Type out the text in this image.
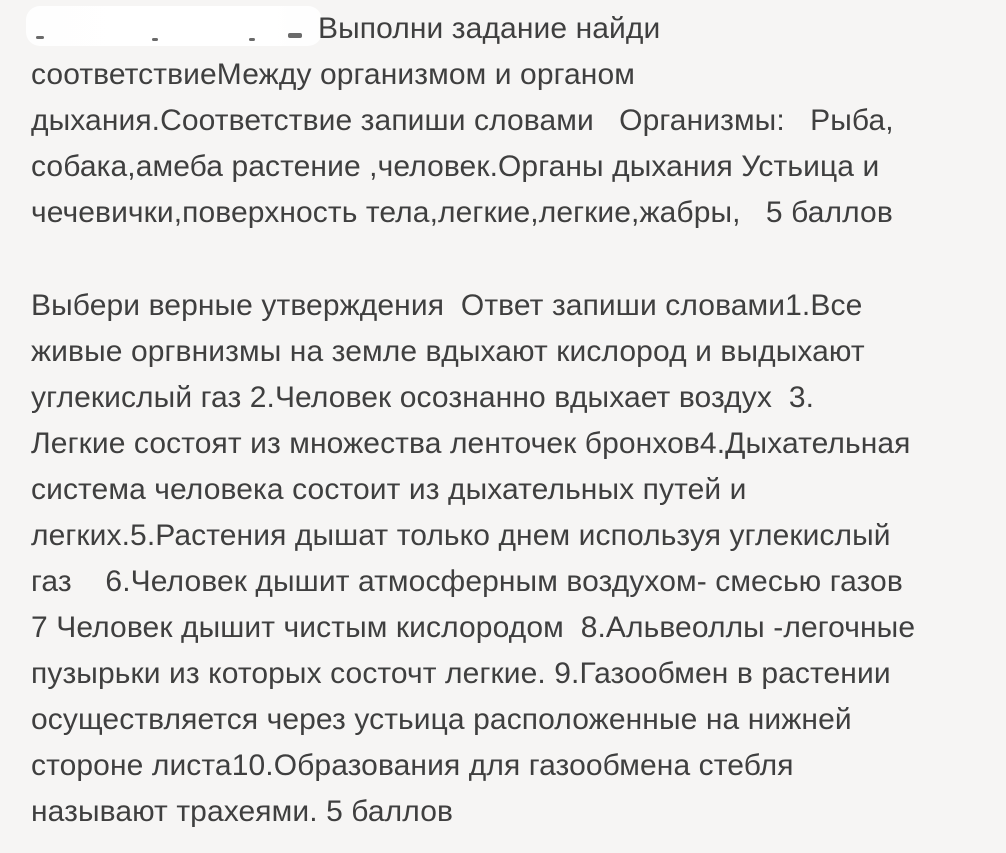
Выполни задание найди
соответствиеМежду организмом и органом
дыхания.Соответствие запиши словами   Организмы:   Рыба,
собака,амеба растение ,человек.Органы дыхания Устьица и
чечевички,поверхность тела,легкие,легкие,жабры,   5 баллов
Выбери верные утверждения  Ответ запиши словами1.Все
живые оргвнизмы на земле вдыхают кислород и выдыхают
углекислый газ 2.Человек осознанно вдыхает воздух  3.
Легкие состоят из множества ленточек бронхов4.Дыхательная
система человека состоит из дыхательных путей и
легких.5.Растения дышат только днем используя углекислый
газ    6.Человек дышит атмосферным воздухом- смесью газов
7 Человек дышит чистым кислородом  8.Альвеоллы -легочные
пузырьки из которых состочт легкие. 9.Газообмен в растении
осуществляется через устьица расположенные на нижней
стороне листа10.Образования для газообмена стебля
называют трахеями. 5 баллов
